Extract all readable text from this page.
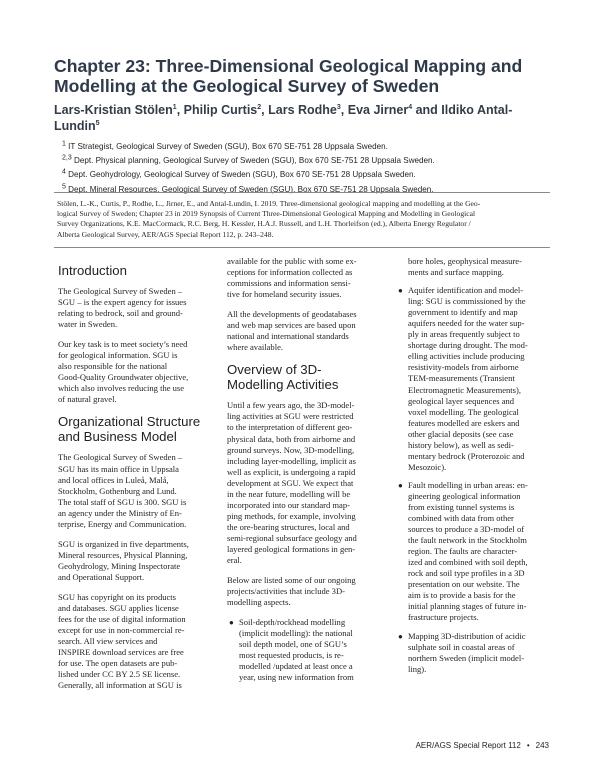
Chapter 23: Three-Dimensional Geological Mapping and Modelling at the Geological Survey of Sweden

Lars-Kristian Stölen$^1$, Philip Curtis$^2$, Lars Rodhe$^3$, Eva Jirner$^4$ and Ildiko Antal-Lundin$^5$

$^1$ IT Strategist, Geological Survey of Sweden (SGU), Box 670 SE-751 28 Uppsala Sweden.

$^{2,3}$ Dept. Physical planning, Geological Survey of Sweden (SGU), Box 670 SE-751 28 Uppsala Sweden.

$^4$ Dept. Geohydrology, Geological Survey of Sweden (SGU), Box 670 SE-751 28 Uppsala Sweden.

$^5$ Dept. Mineral Resources, Geological Survey of Sweden (SGU), Box 670 SE-751 28 Uppsala Sweden.

Stölen, L.-K., Curtis, P., Rodhe, L., Jirner, E., and Antal-Lundin, I. 2019. Three-dimensional geological mapping and modelling at the Geo-
logical Survey of Sweden; Chapter 23 in 2019 Synopsis of Current Three-Dimensional Geological Mapping and Modelling in Geological
Survey Organizations, K.E. MacCormack, R.C. Berg, H. Kessler, H.A.J. Russell, and L.H. Thorleifson (ed.), Alberta Energy Regulator /
Alberta Geological Survey, AER/AGS Special Report 112, p. 243–248.

Introduction

The Geological Survey of Sweden –
SGU – is the expert agency for issues
relating to bedrock, soil and ground-
water in Sweden.

Our key task is to meet society’s need
for geological information. SGU is
also responsible for the national
Good-Quality Groundwater objective,
which also involves reducing the use
of natural gravel.

Organizational Structure
and Business Model

The Geological Survey of Sweden –
SGU has its main office in Uppsala
and local offices in Luleå, Malå,
Stockholm, Gothenburg and Lund.
The total staff of SGU is 300. SGU is
an agency under the Ministry of En-
terprise, Energy and Communication.

SGU is organized in five departments,
Mineral resources, Physical Planning,
Geohydrology, Mining Inspectorate
and Operational Support.

SGU has copyright on its products
and databases. SGU applies license
fees for the use of digital information
except for use in non-commercial re-
search. All view services and
INSPIRE download services are free
for use. The open datasets are pub-
lished under CC BY 2.5 SE license.
Generally, all information at SGU is

available for the public with some ex-
ceptions for information collected as
commissions and information sensi-
tive for homeland security issues.

All the developments of geodatabases
and web map services are based upon
national and international standards
where available.

Overview of 3D-
Modelling Activities

Until a few years ago, the 3D-model-
ling activities at SGU were restricted
to the interpretation of different geo-
physical data, both from airborne and
ground surveys. Now, 3D-modelling,
including layer-modelling, implicit as
well as explicit, is undergoing a rapid
development at SGU. We expect that
in the near future, modelling will be
incorporated into our standard map-
ping methods, for example, involving
the ore-bearing structures, local and
semi-regional subsurface geology and
layered geological formations in gen-
eral.

Below are listed some of our ongoing
projects/activities that include 3D-
modelling aspects.

● Soil-depth/rockhead modelling
(implicit modelling): the national
soil depth model, one of SGU’s
most requested products, is re-
modelled /updated at least once a
year, using new information from
bore holes, geophysical measure-
ments and surface mapping.
● Aquifer identification and model-
ling: SGU is commissioned by the
government to identify and map
aquifers needed for the water sup-
ply in areas frequently subject to
shortage during drought. The mod-
elling activities include producing
resistivity-models from airborne
TEM-measurements (Transient
Electromagnetic Measurements),
geological layer sequences and
voxel modelling. The geological
features modelled are eskers and
other glacial deposits (see case
history below), as well as sedi-
mentary bedrock (Proterozoic and
Mesozoic).
● Fault modelling in urban areas: en-
gineering geological information
from existing tunnel systems is
combined with data from other
sources to produce a 3D-model of
the fault network in the Stockholm
region. The faults are character-
ized and combined with soil depth,
rock and soil type profiles in a 3D
presentation on our website. The
aim is to provide a basis for the
initial planning stages of future in-
frastructure projects.
● Mapping 3D-distribution of acidic
sulphate soil in coastal areas of
northern Sweden (implicit model-
ling).
AER/AGS Special Report 112 • 243
